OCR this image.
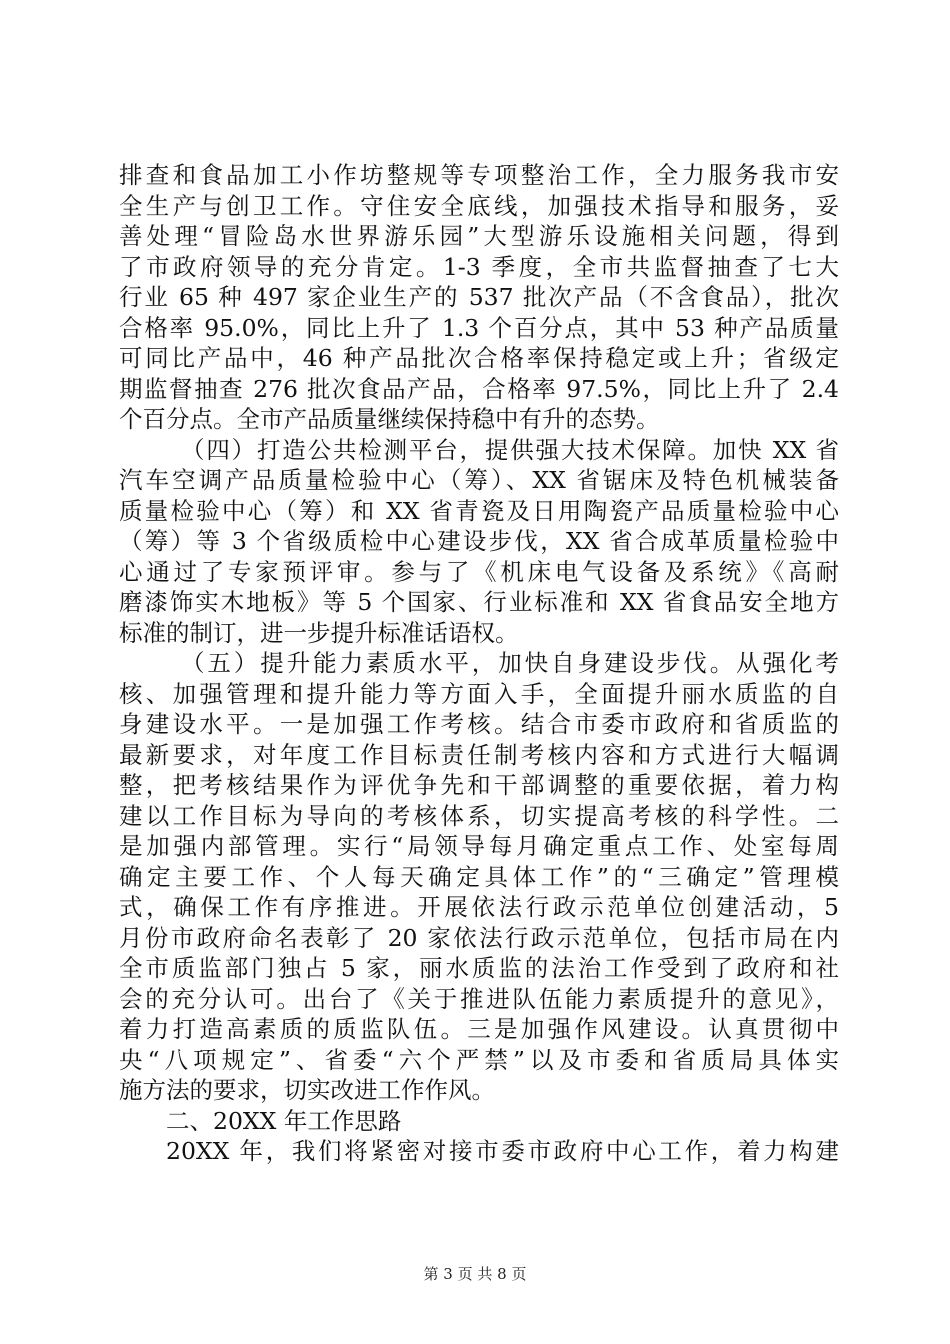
排查和食品加工小作坊整规等专项整治工作，全力服务我市安
全生产与创卫工作。守住安全底线，加强技术指导和服务，妥
善处理“冒险岛水世界游乐园”大型游乐设施相关问题，得到
了市政府领导的充分肯定。1-3 季度，全市共监督抽查了七大
行业 65 种 497 家企业生产的 537 批次产品（不含食品），批次
合格率 95.0%，同比上升了 1.3 个百分点，其中 53 种产品质量
可同比产品中，46 种产品批次合格率保持稳定或上升；省级定
期监督抽查 276 批次食品产品，合格率 97.5%，同比上升了 2.4
个百分点。全市产品质量继续保持稳中有升的态势。
（四）打造公共检测平台，提供强大技术保障。加快 XX 省
汽车空调产品质量检验中心（筹）、XX 省锯床及特色机械装备
质量检验中心（筹）和 XX 省青瓷及日用陶瓷产品质量检验中心
（筹）等 3 个省级质检中心建设步伐，XX 省合成革质量检验中
心通过了专家预评审。参与了《机床电气设备及系统》《高耐
磨漆饰实木地板》等 5 个国家、行业标准和 XX 省食品安全地方
标准的制订，进一步提升标准话语权。
（五）提升能力素质水平，加快自身建设步伐。从强化考
核、加强管理和提升能力等方面入手，全面提升丽水质监的自
身建设水平。一是加强工作考核。结合市委市政府和省质监的
最新要求，对年度工作目标责任制考核内容和方式进行大幅调
整，把考核结果作为评优争先和干部调整的重要依据，着力构
建以工作目标为导向的考核体系，切实提高考核的科学性。二
是加强内部管理。实行“局领导每月确定重点工作、处室每周
确定主要工作、个人每天确定具体工作”的“三确定”管理模
式，确保工作有序推进。开展依法行政示范单位创建活动，5
月份市政府命名表彰了 20 家依法行政示范单位，包括市局在内
全市质监部门独占 5 家，丽水质监的法治工作受到了政府和社
会的充分认可。出台了《关于推进队伍能力素质提升的意见》，
着力打造高素质的质监队伍。三是加强作风建设。认真贯彻中
央“八项规定”、省委“六个严禁”以及市委和省质局具体实
施方法的要求，切实改进工作作风。
二、20XX 年工作思路
20XX 年，我们将紧密对接市委市政府中心工作，着力构建
第 3 页 共 8 页
